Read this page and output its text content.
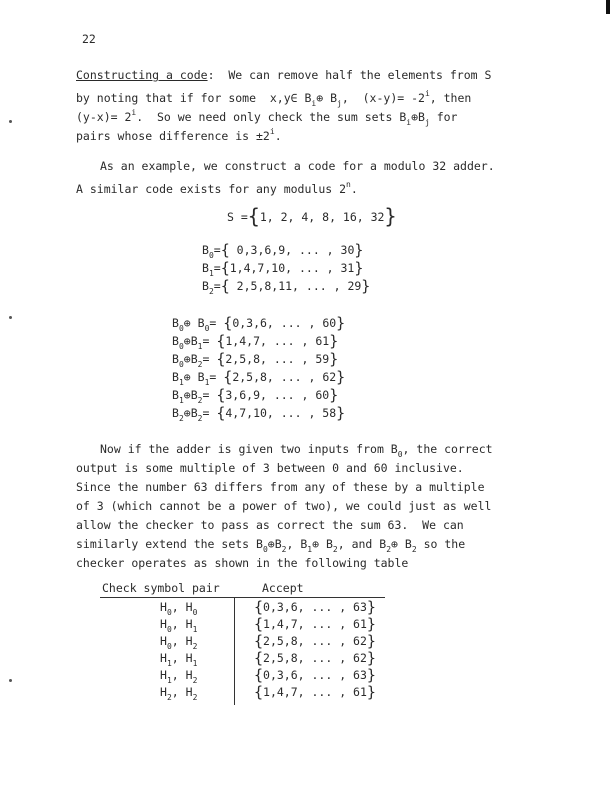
22
Constructing a code:  We can remove half the elements from S
by noting that if for some  x,y∈ $B_i\oplus$ $B_j$,  $(x-y)= -2^i$, then
$(y-x)= 2^i$.  So we need only check the sum sets $B_i\oplus B_j$ for
pairs whose difference is $\pm 2^i$.
As an example, we construct a code for a modulo 32 adder.
A similar code exists for any modulus 2$^n$.
S ={1, 2, 4, 8, 16, 32}
$B_0=${ 0,3,6,9, ... , 30}
$B_1=\{1,4,7,10$, ... , 31}
$B_2=${ 2,5,8,11, ... , 29}
$B_0\oplus$ $B_0= \{0,3,6$, ... , 60}
$B_0\oplus B_1= \{1,4,7$, ... , 61}
$B_0\oplus B_2= \{2,5,8$, ... , 59}
$B_1\oplus$ $B_1= \{2,5,8$, ... , 62}
$B_1\oplus B_2= \{3,6,9$, ... , 60}
$B_2\oplus B_2= \{4,7,10$, ... , 58}
Now if the adder is given two inputs from $B_0$, the correct
output is some multiple of 3 between 0 and 60 inclusive.
Since the number 63 differs from any of these by a multiple
of 3 (which cannot be a power of two), we could just as well
allow the checker to pass as correct the sum 63.  We can
similarly extend the sets $B_0\oplus B_2$, $B_1\oplus$ $B_2$, and $B_2\oplus$ $B_2$ so the
checker operates as shown in the following table
Check symbol pair	Accept
$H_0$, $H_0$	{0,3,6, ... , 63}
$H_0$, $H_1$	{1,4,7, ... , 61}
$H_0$, $H_2$	{2,5,8, ... , 62}
$H_1$, $H_1$	{2,5,8, ... , 62}
$H_1$, $H_2$	{0,3,6, ... , 63}
$H_2$, $H_2$	{1,4,7, ... , 61}
